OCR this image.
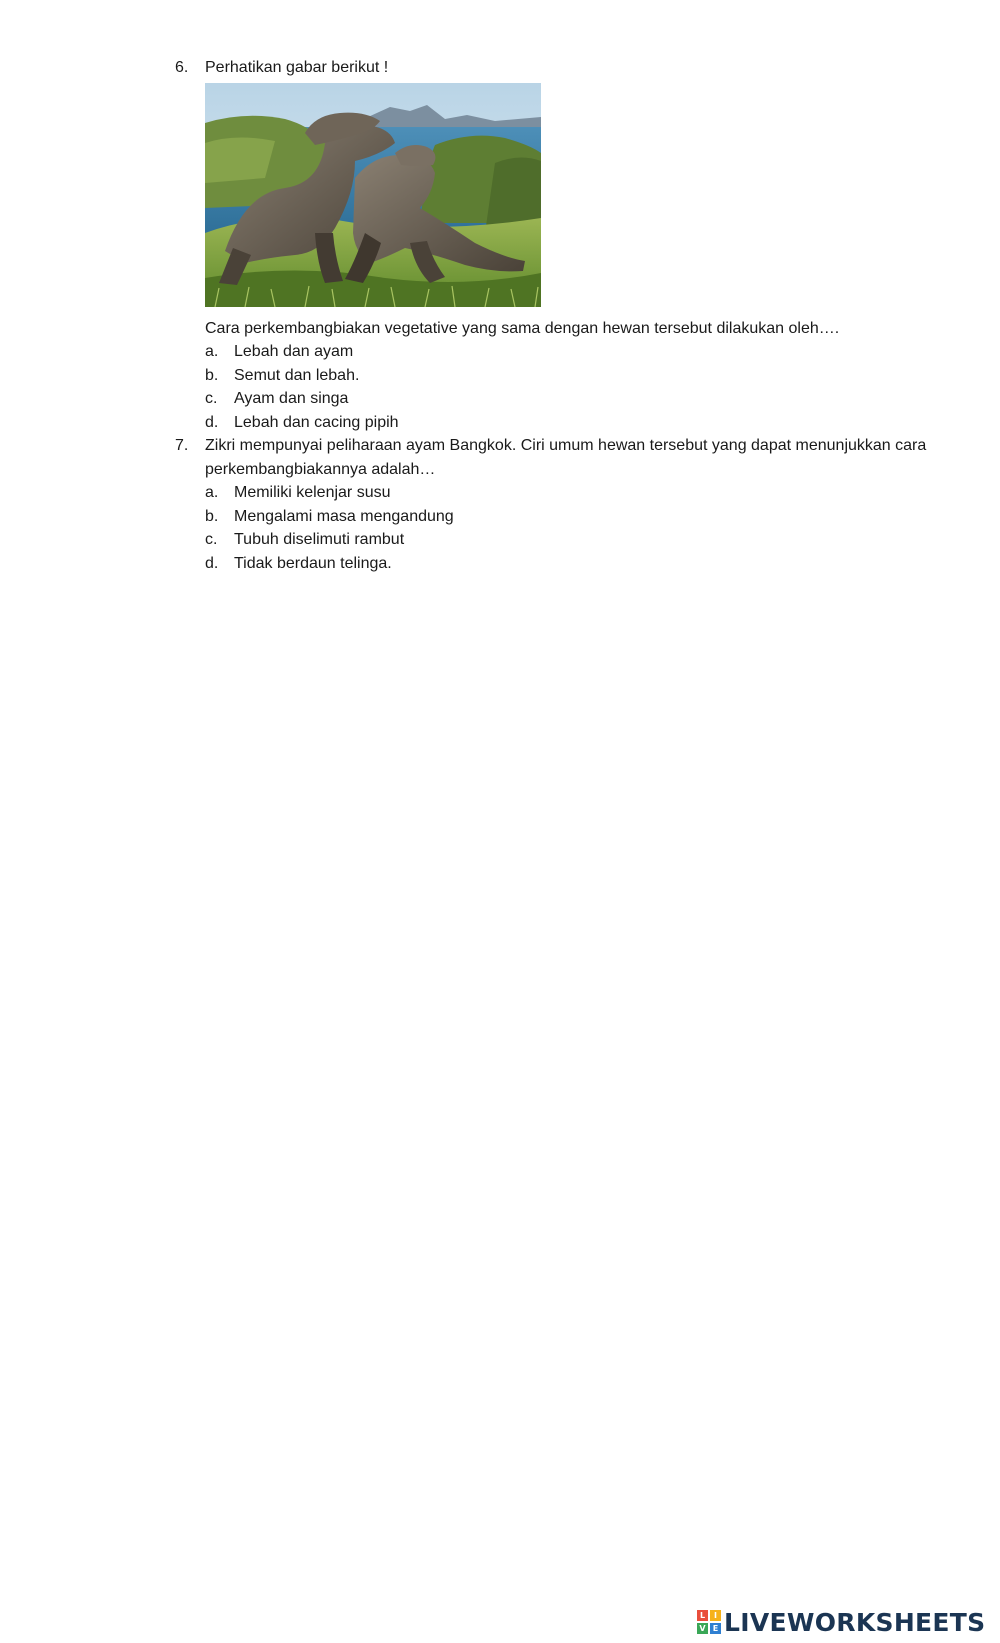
6.	Perhatikan gabar berikut !
Cara perkembangbiakan vegetative yang sama dengan hewan tersebut dilakukan oleh….
a. Lebah dan ayam
b. Semut dan lebah.
c.	Ayam dan singa
d. Lebah dan cacing pipih
7.	Zikri mempunyai peliharaan ayam Bangkok. Ciri umum hewan tersebut yang dapat menunjukkan cara perkembangbiakannya adalah…
a. Memiliki kelenjar susu
b. Mengalami masa mengandung
c.	Tubuh diselimuti rambut
d. Tidak berdaun telinga.
L	I
V E LIVEWORKSHEETS
